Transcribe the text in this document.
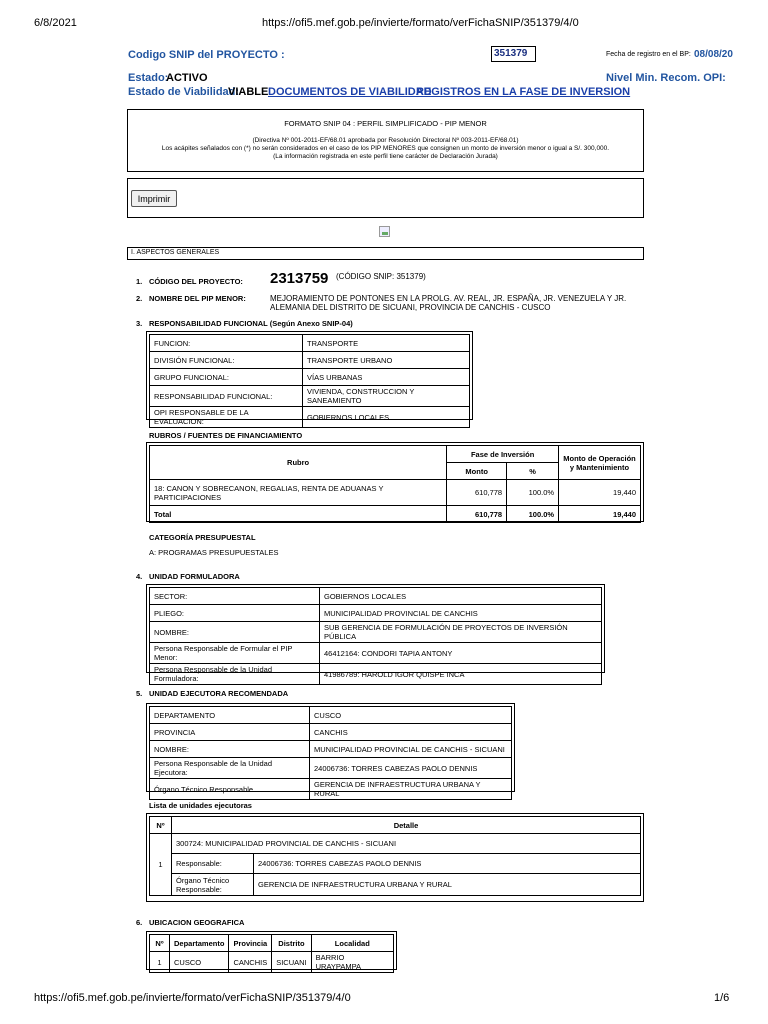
6/8/2021	https://ofi5.mef.gob.pe/invierte/formato/verFichaSNIP/351379/4/0
https://ofi5.mef.gob.pe/invierte/formato/verFichaSNIP/351379/4/0	1/6
Codigo SNIP del PROYECTO :	351379	Fecha de registro en el BP: 08/08/20
Estado:
ACTIVO	Nivel Min. Recom. OPI:
Estado de Viabilidad:
VIABLE DOCUMENTOS DE VIABILIDAD
REGISTROS EN LA FASE DE INVERSION
FORMATO SNIP 04 : PERFIL SIMPLIFICADO - PIP MENOR
(Directiva Nº 001-2011-EF/68.01 aprobada por Resolución Directoral Nº 003-2011-EF/68.01)
Los acápites señalados con (*) no serán considerados en el caso de los PIP MENORES que consignen un monto de inversión menor o igual a S/. 300,000.
(La información registrada en este perfil tiene carácter de Declaración Jurada)
Imprimir
I. ASPECTOS GENERALES
1. CÓDIGO DEL PROYECTO: 2313759 (CÓDIGO SNIP: 351379)
2. NOMBRE DEL PIP MENOR:	MEJORAMIENTO DE PONTONES EN LA PROLG. AV. REAL, JR. ESPAÑA, JR. VENEZUELA Y JR.
ALEMANIA DEL DISTRITO DE SICUANI, PROVINCIA DE CANCHIS - CUSCO
3. RESPONSABILIDAD FUNCIONAL (Según Anexo SNIP-04)
FUNCION:	TRANSPORTE
DIVISIÓN FUNCIONAL:	TRANSPORTE URBANO
GRUPO FUNCIONAL:	VÍAS URBANAS
RESPONSABILIDAD FUNCIONAL:	VIVIENDA, CONSTRUCCION Y SANEAMIENTO
OPI RESPONSABLE DE LA EVALUACION:	GOBIERNOS LOCALES
RUBROS / FUENTES DE FINANCIAMIENTO
Rubro	Fase de Inversión		Monto de Operación y Mantenimiento
	Monto	%	
18: CANON Y SOBRECANON, REGALIAS, RENTA DE ADUANAS Y PARTICIPACIONES	610,778	100.0%	19,440
Total	610,778	100.0%	19,440
CATEGORÍA PRESUPUESTAL
A: PROGRAMAS PRESUPUESTALES
4. UNIDAD FORMULADORA
SECTOR:	GOBIERNOS LOCALES
PLIEGO:	MUNICIPALIDAD PROVINCIAL DE CANCHIS
NOMBRE:	SUB GERENCIA DE FORMULACIÓN DE PROYECTOS DE INVERSIÓN PÚBLICA
Persona Responsable de Formular el PIP Menor:	46412164: CONDORI TAPIA ANTONY
Persona Responsable de la Unidad Formuladora:	41986789: HAROLD IGOR QUISPE INCA
5. UNIDAD EJECUTORA RECOMENDADA
DEPARTAMENTO	CUSCO
PROVINCIA	CANCHIS
NOMBRE:	MUNICIPALIDAD PROVINCIAL DE CANCHIS - SICUANI
Persona Responsable de la Unidad Ejecutora:	24006736: TORRES CABEZAS PAOLO DENNIS
Órgano Técnico Responsable	GERENCIA DE INFRAESTRUCTURA URBANA Y RURAL
Lista de unidades ejecutoras
Nº	Detalle	
1	300724: MUNICIPALIDAD PROVINCIAL DE CANCHIS - SICUANI	
	Responsable:	24006736: TORRES CABEZAS PAOLO DENNIS
	Órgano Técnico Responsable:	GERENCIA DE INFRAESTRUCTURA URBANA Y RURAL
6. UBICACION GEOGRAFICA
Nº	Departamento	Provincia	Distrito	Localidad
1	CUSCO	CANCHIS	SICUANI	BARRIO URAYPAMPA
